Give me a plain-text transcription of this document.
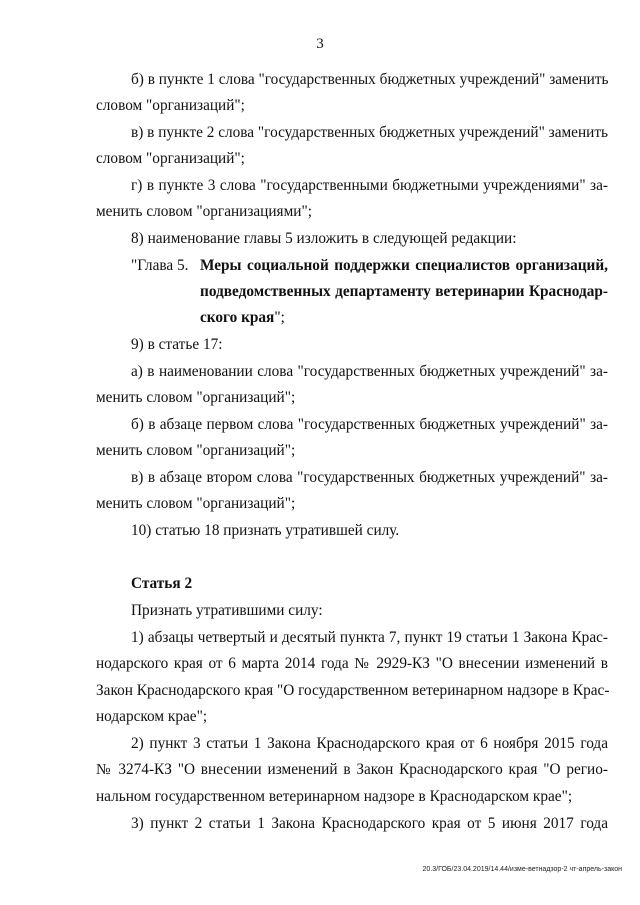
3
б) в пункте 1 слова "государственных бюджетных учреждений" заменить
словом "организаций";
в) в пункте 2 слова "государственных бюджетных учреждений" заменить
словом "организаций";
г) в пункте 3 слова "государственными бюджетными учреждениями" за-
менить словом "организациями";
8) наименование главы 5 изложить в следующей редакции:
"Глава 5. Меры социальной поддержки специалистов организаций,
подведомственных департаменту ветеринарии Краснодар-
ского края";
9) в статье 17:
а) в наименовании слова "государственных бюджетных учреждений" за-
менить словом "организаций";
б) в абзаце первом слова "государственных бюджетных учреждений" за-
менить словом "организаций";
в) в абзаце втором слова "государственных бюджетных учреждений" за-
менить словом "организаций";
10) статью 18 признать утратившей силу.
Статья 2
Признать утратившими силу:
1) абзацы четвертый и десятый пункта 7, пункт 19 статьи 1 Закона Крас-
нодарского края от 6 марта 2014 года № 2929-КЗ "О внесении изменений в
Закон Краснодарского края "О государственном ветеринарном надзоре в Крас-
нодарском крае";
2) пункт 3 статьи 1 Закона Краснодарского края от 6 ноября 2015 года
№ 3274-КЗ "О внесении изменений в Закон Краснодарского края "О регио-
нальном государственном ветеринарном надзоре в Краснодарском крае";
3) пункт 2 статьи 1 Закона Краснодарского края от 5 июня 2017 года
20.3/ГОБ/23.04.2019/14.44/изме-ветнадзор-2 чт-апрель-закон
